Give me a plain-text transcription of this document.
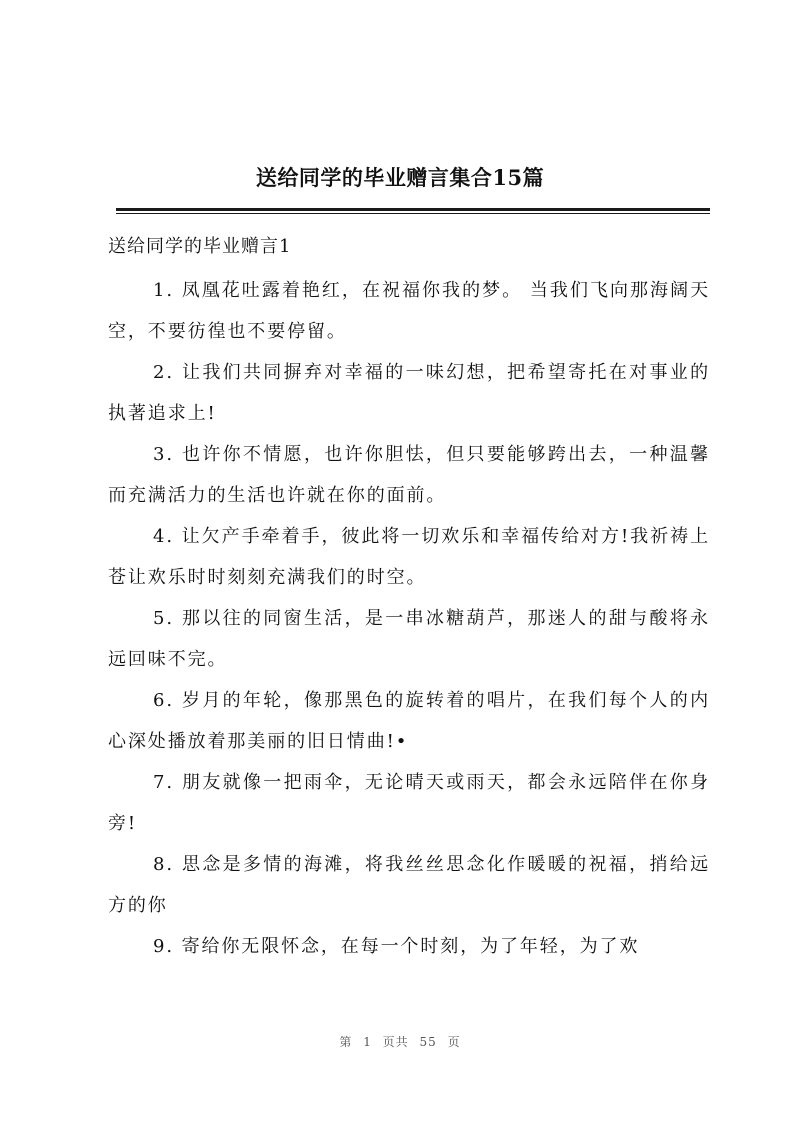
送给同学的毕业赠言集合15篇
送给同学的毕业赠言1

1. 凤凰花吐露着艳红，在祝福你我的梦。 当我们飞向那海阔天空，不要彷徨也不要停留。

2. 让我们共同摒弃对幸福的一味幻想，把希望寄托在对事业的执著追求上!

3. 也许你不情愿，也许你胆怯，但只要能够跨出去，一种温馨而充满活力的生活也许就在你的面前。

4. 让欠产手牵着手，彼此将一切欢乐和幸福传给对方!我祈祷上苍让欢乐时时刻刻充满我们的时空。

5. 那以往的同窗生活，是一串冰糖葫芦，那迷人的甜与酸将永远回味不完。

6. 岁月的年轮，像那黑色的旋转着的唱片，在我们每个人的内心深处播放着那美丽的旧日情曲!•

7. 朋友就像一把雨伞，无论晴天或雨天，都会永远陪伴在你身旁!

8. 思念是多情的海滩，将我丝丝思念化作暖暖的祝福，捎给远方的你

9. 寄给你无限怀念，在每一个时刻，为了年轻，为了欢

第 1 页共 55 页
